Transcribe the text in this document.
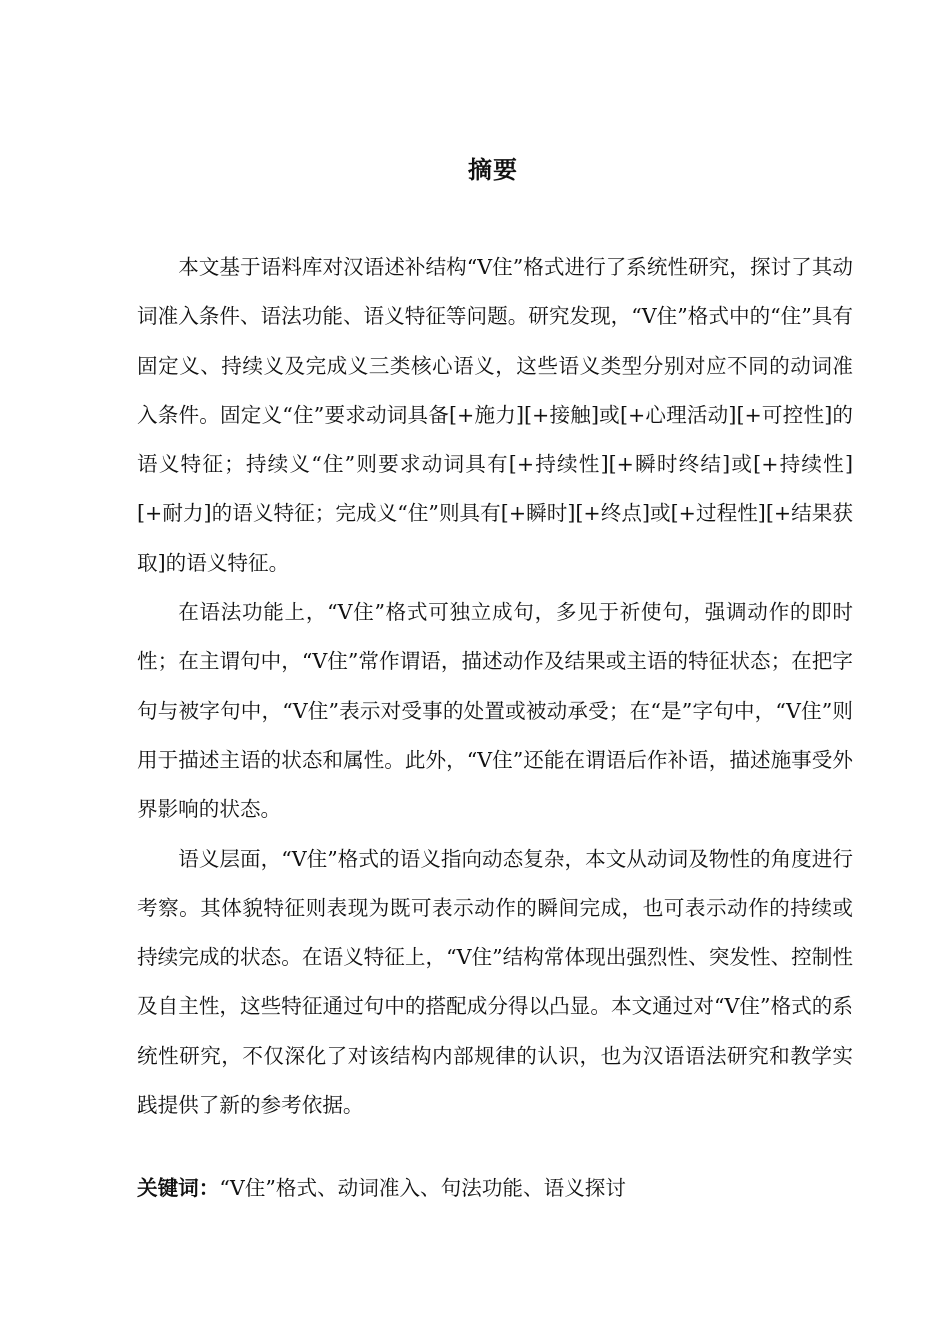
摘要

本文基于语料库对汉语述补结构“V住”格式进行了系统性研究，探讨了其动词准入条件、语法功能、语义特征等问题。研究发现，“V住”格式中的“住”具有固定义、持续义及完成义三类核心语义，这些语义类型分别对应不同的动词准入条件。固定义“住”要求动词具备[+施力][+接触]或[+心理活动][+可控性]的语义特征；持续义“住”则要求动词具有[+持续性][+瞬时终结]或[+持续性][+耐力]的语义特征；完成义“住”则具有[+瞬时][+终点]或[+过程性][+结果获取]的语义特征。

在语法功能上，“V住”格式可独立成句，多见于祈使句，强调动作的即时性；在主谓句中，“V住”常作谓语，描述动作及结果或主语的特征状态；在把字句与被字句中，“V住”表示对受事的处置或被动承受；在“是”字句中，“V住”则用于描述主语的状态和属性。此外，“V住”还能在谓语后作补语，描述施事受外界影响的状态。

语义层面，“V住”格式的语义指向动态复杂，本文从动词及物性的角度进行考察。其体貌特征则表现为既可表示动作的瞬间完成，也可表示动作的持续或持续完成的状态。在语义特征上，“V住”结构常体现出强烈性、突发性、控制性及自主性，这些特征通过句中的搭配成分得以凸显。本文通过对“V住”格式的系统性研究，不仅深化了对该结构内部规律的认识，也为汉语语法研究和教学实践提供了新的参考依据。

关键词：“V住”格式、动词准入、句法功能、语义探讨
